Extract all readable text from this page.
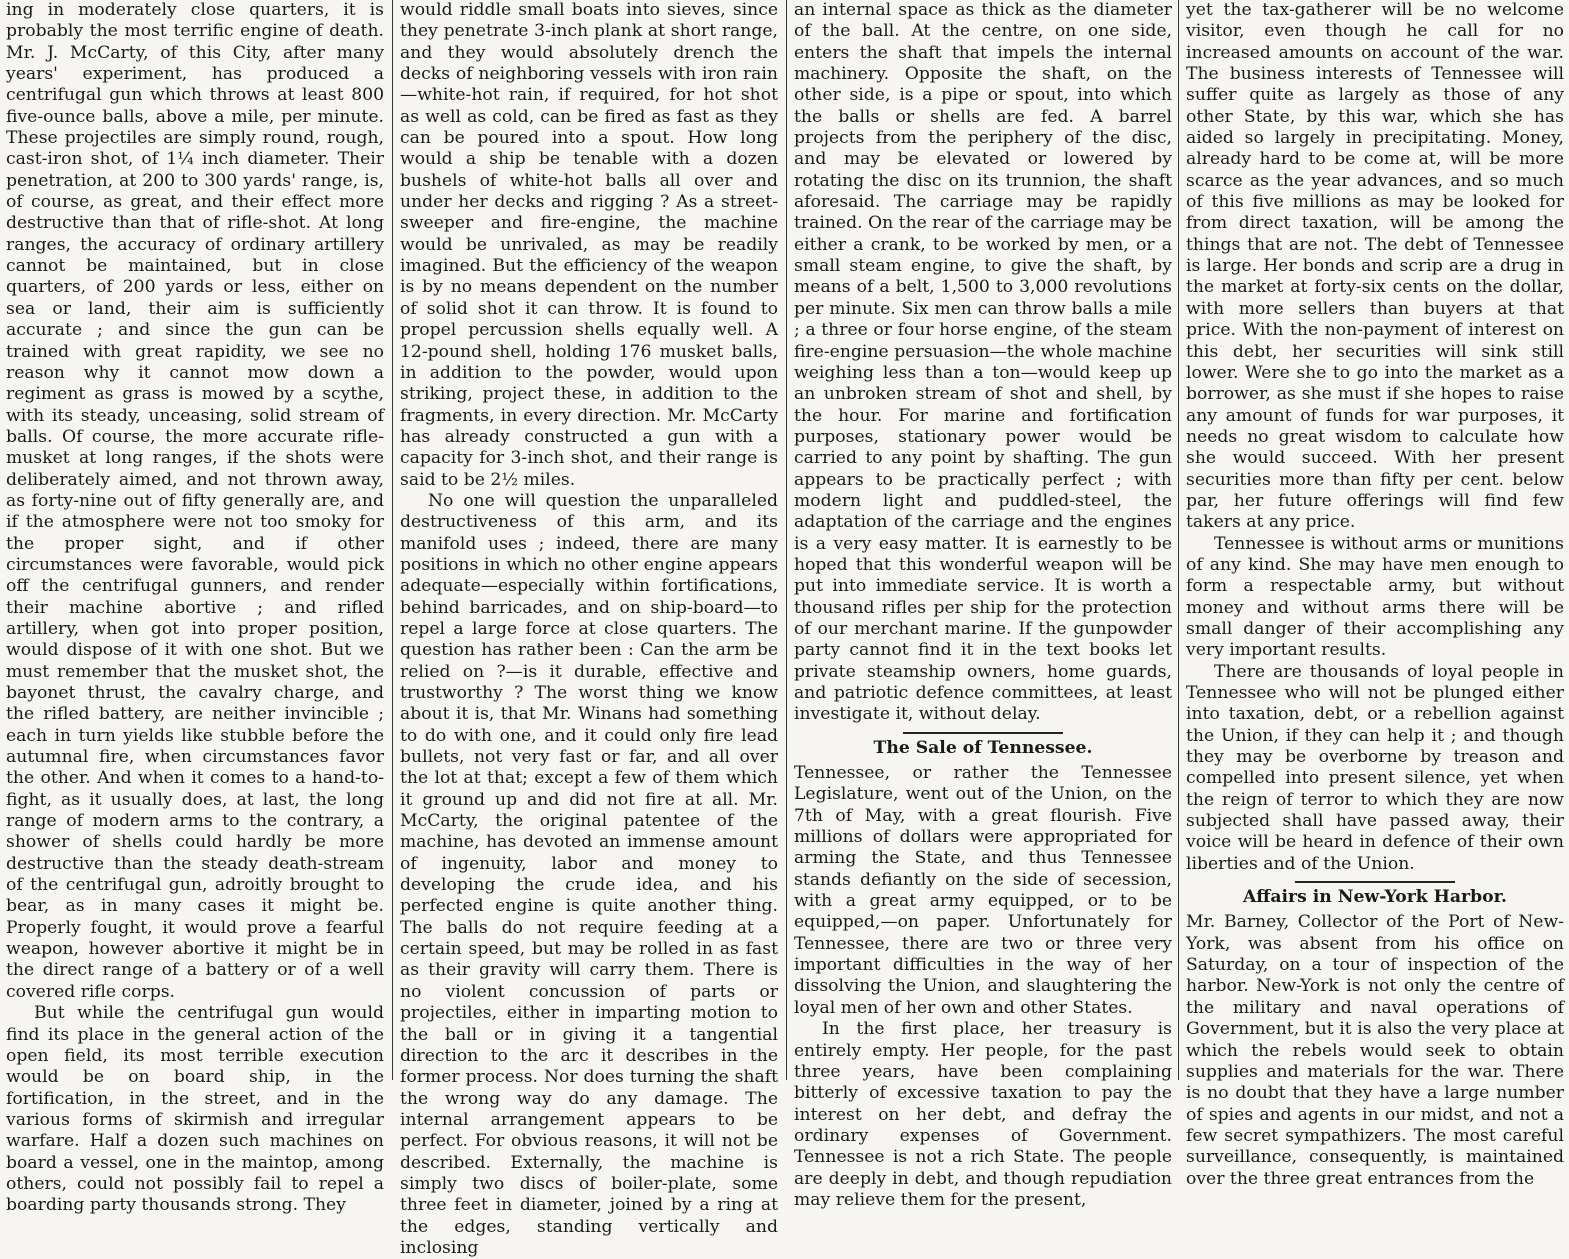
ing in moderately close quarters, it is probably the most terrific engine of death. Mr. J. McCarty, of this City, after many years' experiment, has produced a centrifugal gun which throws at least 800 five-ounce balls, above a mile, per minute. These projectiles are simply round, rough, cast-iron shot, of 1¼ inch diameter. Their penetration, at 200 to 300 yards' range, is, of course, as great, and their effect more destructive than that of rifle-shot. At long ranges, the accuracy of ordinary artillery cannot be maintained, but in close quarters, of 200 yards or less, either on sea or land, their aim is sufficiently accurate ; and since the gun can be trained with great rapidity, we see no reason why it cannot mow down a regiment as grass is mowed by a scythe, with its steady, unceasing, solid stream of balls. Of course, the more accurate rifle-musket at long ranges, if the shots were deliberately aimed, and not thrown away, as forty-nine out of fifty generally are, and if the atmosphere were not too smoky for the proper sight, and if other circumstances were favorable, would pick off the centrifugal gunners, and render their machine abortive ; and rifled artillery, when got into proper position, would dispose of it with one shot. But we must remember that the musket shot, the bayonet thrust, the cavalry charge, and the rifled battery, are neither invincible ; each in turn yields like stubble before the autumnal fire, when circumstances favor the other. And when it comes to a hand-to-fight, as it usually does, at last, the long range of modern arms to the contrary, a shower of shells could hardly be more destructive than the steady death-stream of the centrifugal gun, adroitly brought to bear, as in many cases it might be. Properly fought, it would prove a fearful weapon, however abortive it might be in the direct range of a battery or of a well covered rifle corps.

But while the centrifugal gun would find its place in the general action of the open field, its most terrible execution would be on board ship, in the fortification, in the street, and in the various forms of skirmish and irregular warfare. Half a dozen such machines on board a vessel, one in the maintop, among others, could not possibly fail to repel a boarding party thousands strong. They

would riddle small boats into sieves, since they penetrate 3-inch plank at short range, and they would absolutely drench the decks of neighboring vessels with iron rain—white-hot rain, if required, for hot shot as well as cold, can be fired as fast as they can be poured into a spout. How long would a ship be tenable with a dozen bushels of white-hot balls all over and under her decks and rigging ? As a street-sweeper and fire-engine, the machine would be unrivaled, as may be readily imagined. But the efficiency of the weapon is by no means dependent on the number of solid shot it can throw. It is found to propel percussion shells equally well. A 12-pound shell, holding 176 musket balls, in addition to the powder, would upon striking, project these, in addition to the fragments, in every direction. Mr. McCarty has already constructed a gun with a capacity for 3-inch shot, and their range is said to be 2½ miles.

No one will question the unparalleled destructiveness of this arm, and its manifold uses ; indeed, there are many positions in which no other engine appears adequate—especially within fortifications, behind barricades, and on ship-board—to repel a large force at close quarters. The question has rather been : Can the arm be relied on ?—is it durable, effective and trustworthy ? The worst thing we know about it is, that Mr. Winans had something to do with one, and it could only fire lead bullets, not very fast or far, and all over the lot at that; except a few of them which it ground up and did not fire at all. Mr. McCarty, the original patentee of the machine, has devoted an immense amount of ingenuity, labor and money to developing the crude idea, and his perfected engine is quite another thing. The balls do not require feeding at a certain speed, but may be rolled in as fast as their gravity will carry them. There is no violent concussion of parts or projectiles, either in imparting motion to the ball or in giving it a tangential direction to the arc it describes in the former process. Nor does turning the shaft the wrong way do any damage. The internal arrangement appears to be perfect. For obvious reasons, it will not be described. Externally, the machine is simply two discs of boiler-plate, some three feet in diameter, joined by a ring at the edges, standing vertically and inclosing

an internal space as thick as the diameter of the ball. At the centre, on one side, enters the shaft that impels the internal machinery. Opposite the shaft, on the other side, is a pipe or spout, into which the balls or shells are fed. A barrel projects from the periphery of the disc, and may be elevated or lowered by rotating the disc on its trunnion, the shaft aforesaid. The carriage may be rapidly trained. On the rear of the carriage may be either a crank, to be worked by men, or a small steam engine, to give the shaft, by means of a belt, 1,500 to 3,000 revolutions per minute. Six men can throw balls a mile ; a three or four horse engine, of the steam fire-engine persuasion—the whole machine weighing less than a ton—would keep up an unbroken stream of shot and shell, by the hour. For marine and fortification purposes, stationary power would be carried to any point by shafting. The gun appears to be practically perfect ; with modern light and puddled-steel, the adaptation of the carriage and the engines is a very easy matter. It is earnestly to be hoped that this wonderful weapon will be put into immediate service. It is worth a thousand rifles per ship for the protection of our merchant marine. If the gunpowder party cannot find it in the text books let private steamship owners, home guards, and patriotic defence committees, at least investigate it, without delay.

The Sale of Tennessee.

Tennessee, or rather the Tennessee Legislature, went out of the Union, on the 7th of May, with a great flourish. Five millions of dollars were appropriated for arming the State, and thus Tennessee stands defiantly on the side of secession, with a great army equipped, or to be equipped,—on paper. Unfortunately for Tennessee, there are two or three very important difficulties in the way of her dissolving the Union, and slaughtering the loyal men of her own and other States.

In the first place, her treasury is entirely empty. Her people, for the past three years, have been complaining bitterly of excessive taxation to pay the interest on her debt, and defray the ordinary expenses of Government. Tennessee is not a rich State. The people are deeply in debt, and though repudiation may relieve them for the present,

yet the tax-gatherer will be no welcome visitor, even though he call for no increased amounts on account of the war. The business interests of Tennessee will suffer quite as largely as those of any other State, by this war, which she has aided so largely in precipitating. Money, already hard to be come at, will be more scarce as the year advances, and so much of this five millions as may be looked for from direct taxation, will be among the things that are not. The debt of Tennessee is large. Her bonds and scrip are a drug in the market at forty-six cents on the dollar, with more sellers than buyers at that price. With the non-payment of interest on this debt, her securities will sink still lower. Were she to go into the market as a borrower, as she must if she hopes to raise any amount of funds for war purposes, it needs no great wisdom to calculate how she would succeed. With her present securities more than fifty per cent. below par, her future offerings will find few takers at any price.

Tennessee is without arms or munitions of any kind. She may have men enough to form a respectable army, but without money and without arms there will be small danger of their accomplishing any very important results.

There are thousands of loyal people in Tennessee who will not be plunged either into taxation, debt, or a rebellion against the Union, if they can help it ; and though they may be overborne by treason and compelled into present silence, yet when the reign of terror to which they are now subjected shall have passed away, their voice will be heard in defence of their own liberties and of the Union.

Affairs in New-York Harbor.

Mr. Barney, Collector of the Port of New-York, was absent from his office on Saturday, on a tour of inspection of the harbor. New-York is not only the centre of the military and naval operations of Government, but it is also the very place at which the rebels would seek to obtain supplies and materials for the war. There is no doubt that they have a large number of spies and agents in our midst, and not a few secret sympathizers. The most careful surveillance, consequently, is maintained over the three great entrances from the
